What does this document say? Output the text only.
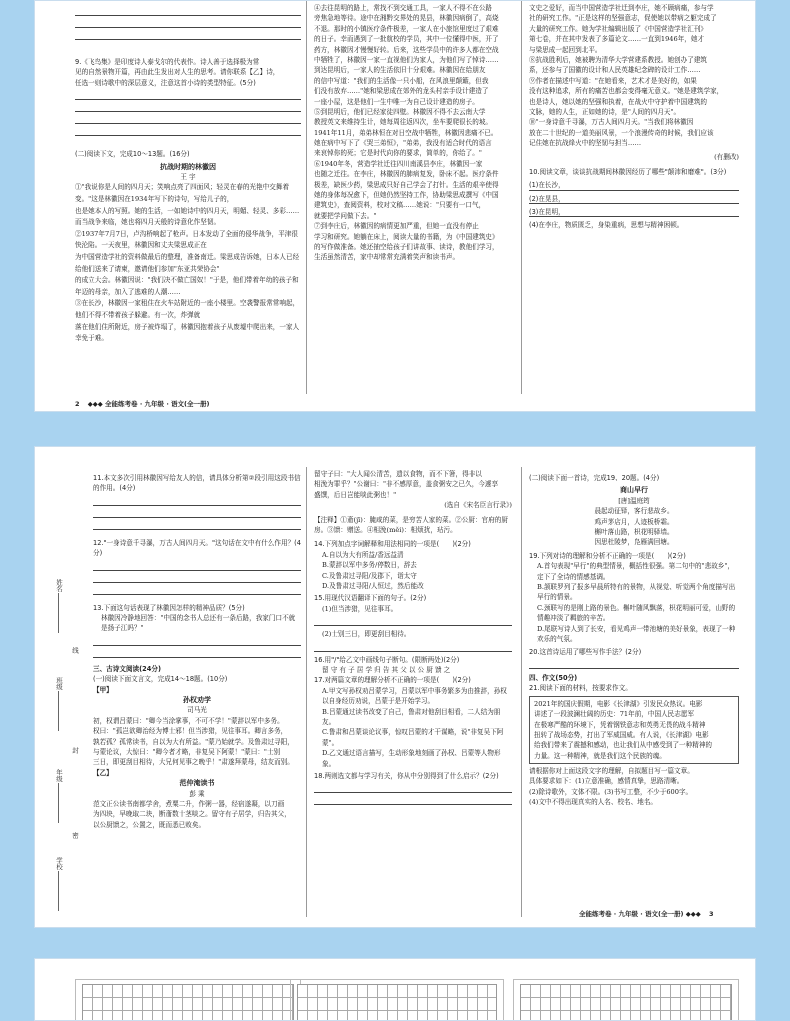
9.《飞鸟集》是印度诗人泰戈尔的代表作。诗人善于选择极为常
见的自然景物开篇，再由此生发出对人生的思考。请你联系【乙】诗，
任选一则诗歌中的深层意义，注意这首小诗的类型特征。(5分)
(二)阅读下文，完成10～13题。(16分)
抗战时期的林徽因
王 宇

①"我说你是人间的四月天；笑响点亮了四面风；轻灵在春的光艳中交舞着变。"这是林徽因在1934年写下的诗句，写给儿子的，

也是她本人的写照。她的生活，一如她诗中的四月天，明媚、轻灵、多彩……而当战争来临，她也将四月天般的诗意化作坚韧。

②1937年7月7日，卢沟桥响起了枪声。日本发动了全面的侵华战争，平津很快沦陷。一天夜里，林徽因和丈夫梁思成正在

为中国营造学社的资料做最后的整理，准备南迁。梁思成告诉她，日本人已经给他们送来了请柬，邀请他们参加"东亚共荣协会"

的成立大会。林徽因说："我们决不做亡国奴！"于是，他们带着年幼的孩子和年迈的母亲，加入了逃难的人潮……

③在长沙，林徽因一家租住在火车站附近的一座小楼里。空袭警报常常响起，他们不得不带着孩子躲避。有一次，炸弹就

落在他们住所附近，房子被炸塌了，林徽因抱着孩子从废墟中爬出来，一家人幸免于难。

2 ◆◆◆ 全能练考卷 · 九年级 · 语文(全一册)

④去往昆明的路上，常找不到交通工具，一家人不得不在公路

旁焦急地等待。途中在湘黔交界处的晃县，林徽因病倒了，高烧

不退。那时的小镇医疗条件极差，一家人在小旅馆里度过了艰难

的日子。幸而遇到了一批航校的学员，其中一位懂得中医，开了

药方，林徽因才慢慢好转。后来，这些学员中的许多人都在空战

中牺牲了，林徽因一家一直视他们为家人，为他们写了悼诗……

到达昆明后，一家人的生活依旧十分艰难。林徽因在给朋友

的信中写道："我们的生活像一只小船，在风浪里颠簸，但我

们没有放弃……"她和梁思成在郊外的龙头村亲手设计建造了

一座小屋，这是他们一生中唯一为自己设计建造的房子。

⑤到昆明后，他们已经家徒四壁。林徽因不得不去云南大学

教授英文来维持生计，她每周往返四次，坐车要爬很长的坡。

1941年11月，弟弟林恒在对日空战中牺牲，林徽因悲痛不已。

她在病中写下了《哭三弟恒》，"弟弟，我没有适合时代的语言

来哀悼你的死；它是时代向你的要求，简单的，你给了。"

⑥1940年冬，营造学社迁往四川南溪县李庄，林徽因一家

也随之迁往。在李庄，林徽因的肺病复发，卧床不起。医疗条件

极差，缺医少药，梁思成只好自己学会了打针。生活的艰辛使得

她的身体每况愈下，但她仍然坚持工作，协助梁思成撰写《中国

建筑史》，查阅资料，校对文稿……她说："只要有一口气，

就要把学问做下去。"

⑦到李庄后，林徽因的病情更加严重，但她一直没有停止

学习和研究。她躺在床上，阅读大量的书籍，为《中国建筑史》

的写作做准备。她还抽空给孩子们讲故事、读诗，教他们学习，

生活虽然清苦，家中却常常充满着笑声和读书声。

文史之爱好，而当中国营造学社迁到李庄，她不顾病痛，参与学

社的研究工作。"正是这样的坚强意志，促使她以带病之躯完成了

大量的研究工作。她为学社编辑出版了《中国营造学社汇刊》

第七卷，并在其中发表了多篇论文……一直到1946年，她才

与梁思成一起回到北平。

⑧抗战胜利后，她被聘为清华大学营建系教授。她创办了建筑

系，还参与了国徽的设计和人民英雄纪念碑的设计工作……

⑨作者在描述中写道："在她看来，艺术才是美好的，如果

没有这种追求，所有的痛苦也都会变得毫无意义。"她是建筑学家，

也是诗人，她以她的坚强和执着，在战火中守护着中国建筑的

文脉，她的人生，正如她的诗，是"人间的四月天"。

⑩"一身诗意千寻瀑，万古人间四月天。"当我们将林徽因

放在二十世纪的一道美丽风景，一个浪漫传奇的时候，我们应该

记住她在抗战烽火中的坚韧与担当……

(有删改)

10.阅读文章，谈谈抗战期间林徽因经历了哪些"颠沛和磨难"。(3分)

(1)在长沙，

(2)在晃县，

(3)在昆明，

(4)在李庄，物质匮乏，身染重病，思想与精神困顿。

姓名
线
班级
封
年级
密
学校

11.本文多次引用林徽因写给友人的信，请具体分析第②段引用这段书信的作用。(4分)

12."一身诗意千寻瀑，万古人间四月天。"这句话在文中有什么作用？(4分)

13.下面这句话表现了林徽因怎样的精神品质？(5分)

林徽因冷静地回答："中国的念书人总还有一条后路，我家门口不就是扬子江吗？"

三、古诗文阅读(24分)

(一)阅读下面文言文，完成14～18题。(10分)

【甲】

孙权劝学

司马光

初，权谓吕蒙曰："卿今当涂掌事，不可不学！"蒙辞以军中多务。

权曰："孤岂欲卿治经为博士邪！但当涉猎，见往事耳。卿言多务，

孰若孤？孤常读书，自以为大有所益。"蒙乃始就学。及鲁肃过寻阳，

与蒙论议，大惊曰："卿今者才略，非复吴下阿蒙！"蒙曰："士别

三日，即更刮目相待，大兄何见事之晚乎！"肃遂拜蒙母，结友而别。

【乙】

范仲淹读书

彭 乘

范文正公读书南都学舍，煮粟二升，作粥一器，经宿遂凝，以刀画

为四块，早晚取二块，断齑数十茎啖之。留守有子居学，归告其父，

以公厨馈之，公置之，既而悉已败矣。

留守子曰："大人闻公清苦，遗以食物，而不下箸，得非以

相浼为罪乎？"公谢曰："非不感厚意，盖食粥安之已久，今遽享

盛馔，后日岂能啖此粥也！"

(选自《宋名臣言行录》)

【注释】①齑(jī)：腌咸的菜，是穷苦人家的菜。②公厨：官府的厨房。③馈：赠送。④相浼(měi)：相烦扰，玷污。

14.下列加点字词解释和用法相同的一项是(　　)(2分)

A.自以为大有所益/香远益清

B.蒙辞以军中多务/停数日，辞去

C.及鲁肃过寻阳/及郡下，诣太守

D.及鲁肃过寻阳/人恒过，然后能改

15.用现代汉语翻译下面的句子。(2分)

(1)但当涉猎，见往事耳。

(2)士别三日，即更刮目相待。

16.用"/"给乙文中画线句子断句。(限断两处)(2分)

留 守 有 子 居 学 归 告 其 父 以 公 厨 馈 之

17.对两篇文章的理解分析不正确的一项是(　　)(2分)

A.甲文写孙权劝吕蒙学习，吕蒙以军中事务繁多为由推辞，孙权以自身经历劝说，吕蒙于是开始学习。

B.吕蒙通过读书改变了自己，鲁肃对他刮目相看，二人结为朋友。

C.鲁肃和吕蒙谈论议事，惊叹吕蒙的才干谋略，说"非复吴下阿蒙"。

D.乙文通过语言描写，生动形象地刻画了孙权、吕蒙等人物形象。

18.两则选文都与学习有关，你从中分别得到了什么启示？(2分)

(二)阅读下面一首诗，完成19、20题。(4分)

商山早行

[唐]温庭筠

晨起动征铎，客行悲故乡。

鸡声茅店月，人迹板桥霜。

槲叶落山路，枳花明驿墙。

因思杜陵梦，凫雁满回塘。

19.下列对诗的理解和分析不正确的一项是(　　)(2分)

A.首句表现"早行"的典型情景，概括性很强。第二句中的"悲故乡"，定下了全诗的情感基调。

B.颔联罗列了报多早晨所特有的景物，从视觉、听觉两个角度描写出早行的情景。

C.颈联写的是刚上路的景色。槲叶随风飘落，枳花明丽可爱，山野的情趣冲淡了羁旅的辛苦。

D.尾联写诗人到了长安，看见鸡声一带池塘的美好景象，表现了一种欢乐的气氛。

20.这首诗运用了哪些写作手法？(2分)

四、作文(50分)

21.阅读下面的材料，按要求作文。

2021年的国庆假期，电影《长津湖》引发民众热议。电影

讲述了一段波澜壮阔的历史：71年前，中国人民志愿军

在极寒严酷的环境下，凭着钢铁意志和英勇无畏的战斗精神

扭转了战场态势，打出了军威国威。有人说，《长津湖》电影

给我们带来了震撼和感动，也让我们从中感受到了一种精神的

力量。这一种精神，就是我们这个民族的魂。

请根据你对上面这段文字的理解，自拟题目写一篇文章。

具体要求如下：(1)立意准确，感情真挚，思路清晰。

(2)除诗歌外，文体不限。(3)书写工整，不少于600字。

(4)文中不得出现真实的人名、校名、地名。

全能练考卷 · 九年级 · 语文(全一册) ◆◆◆ 3
